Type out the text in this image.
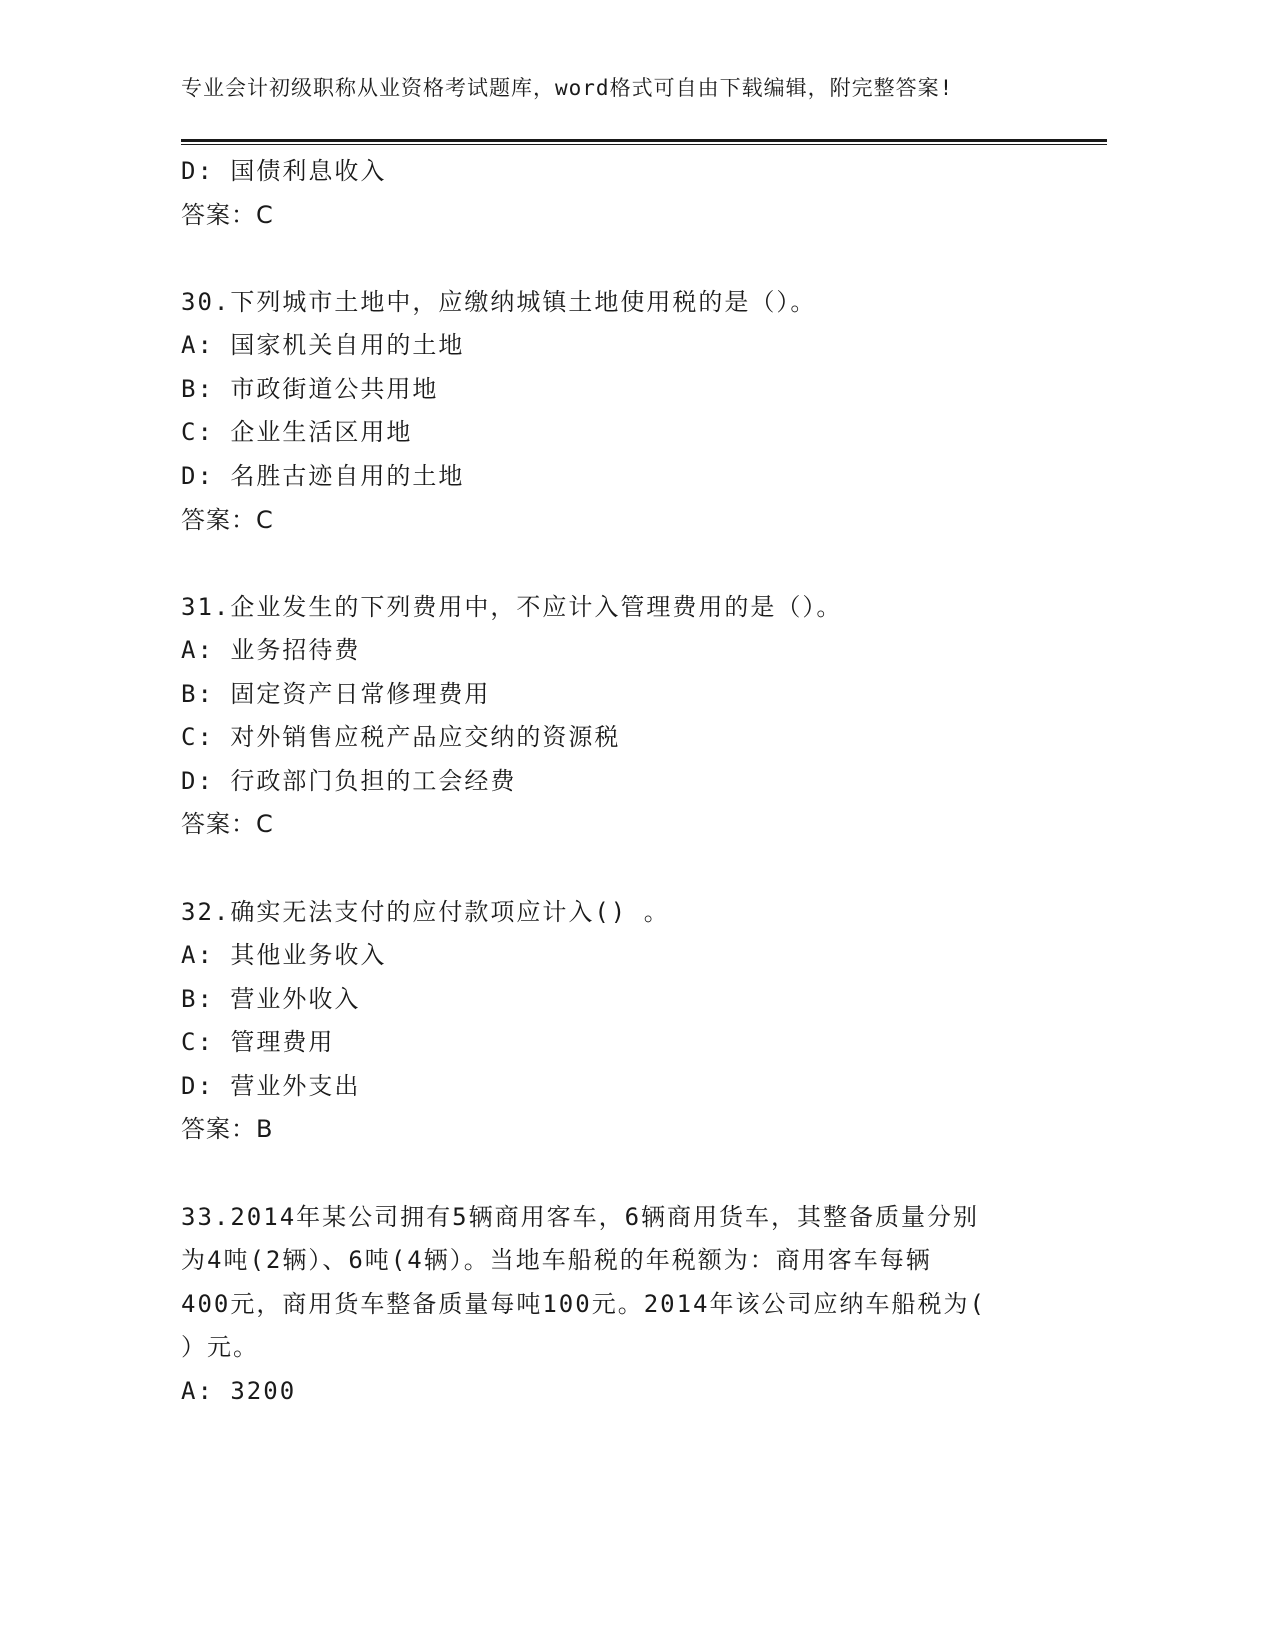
专业会计初级职称从业资格考试题库，word格式可自由下载编辑，附完整答案!
D: 国债利息收入
答案：C
30.下列城市土地中，应缴纳城镇土地使用税的是（）。
A: 国家机关自用的土地
B: 市政街道公共用地
C: 企业生活区用地
D: 名胜古迹自用的土地
答案：C
31.企业发生的下列费用中，不应计入管理费用的是（）。
A: 业务招待费
B: 固定资产日常修理费用
C: 对外销售应税产品应交纳的资源税
D: 行政部门负担的工会经费
答案：C
32.确实无法支付的应付款项应计入() 。
A: 其他业务收入
B: 营业外收入
C: 管理费用
D: 营业外支出
答案：B
33.2014年某公司拥有5辆商用客车，6辆商用货车，其整备质量分别
为4吨(2辆）、6吨(4辆）。当地车船税的年税额为：商用客车每辆
400元，商用货车整备质量每吨100元。2014年该公司应纳车船税为(
）元。
A: 3200
